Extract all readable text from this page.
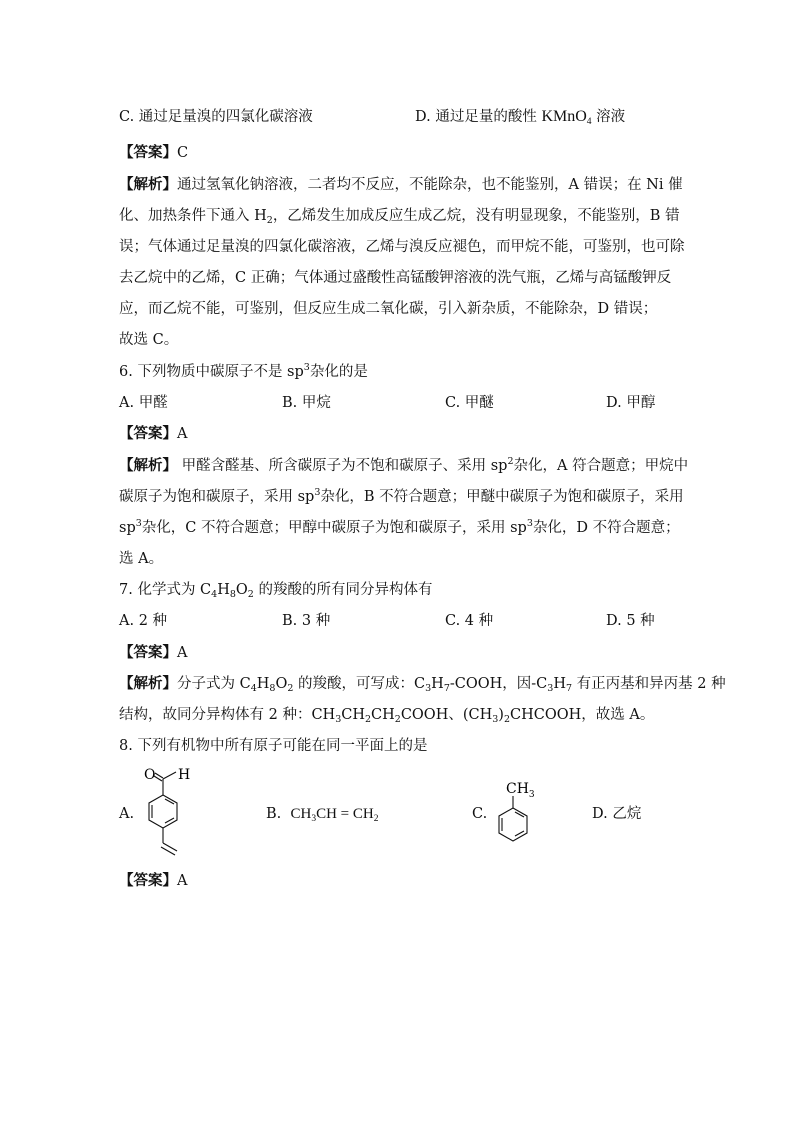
C. 通过足量溴的四氯化碳溶液	D. 通过足量的酸性 KMnO$_4$ 溶液
【答案】C
【解析】通过氢氧化钠溶液，二者均不反应，不能除杂，也不能鉴别，A 错误；在 Ni 催
化、加热条件下通入 $H_2$，乙烯发生加成反应生成乙烷，没有明显现象，不能鉴别，B 错
误；气体通过足量溴的四氯化碳溶液，乙烯与溴反应褪色，而甲烷不能，可鉴别，也可除
去乙烷中的乙烯，C 正确；气体通过盛酸性高锰酸钾溶液的洗气瓶，乙烯与高锰酸钾反
应，而乙烷不能，可鉴别，但反应生成二氧化碳，引入新杂质，不能除杂，D 错误；
故选 C。
6. 下列物质中碳原子不是 $sp^3$杂化的是
A. 甲醛	B. 甲烷	C. 甲醚	D. 甲醇
【答案】A
【解析】 甲醛含醛基、所含碳原子为不饱和碳原子、采用 $sp^2$杂化，A 符合题意；甲烷中
碳原子为饱和碳原子，采用 $sp^3$杂化，B 不符合题意；甲醚中碳原子为饱和碳原子，采用
$sp^3$杂化，C 不符合题意；甲醇中碳原子为饱和碳原子，采用 $sp^3$杂化，D 不符合题意；
选 A。
7. 化学式为 $C_4H_8O_2$ 的羧酸的所有同分异构体有
A. 2 种	B. 3 种	C. 4 种	D. 5 种
【答案】A
【解析】分子式为 $C_4H_8O_2$ 的羧酸，可写成：$C_3H_7$-COOH，因$-C_3H_7$ 有正丙基和异丙基 2 种
结构，故同分异构体有 2 种：$CH_3CH_2CH_2COOH$、$(CH_3)_2CHCOOH$，故选 A。
8. 下列有机物中所有原子可能在同一平面上的是
A.
O H
B. $CH_3CH = CH_2$	C.
$CH_3$
D. 乙烷
【答案】A
